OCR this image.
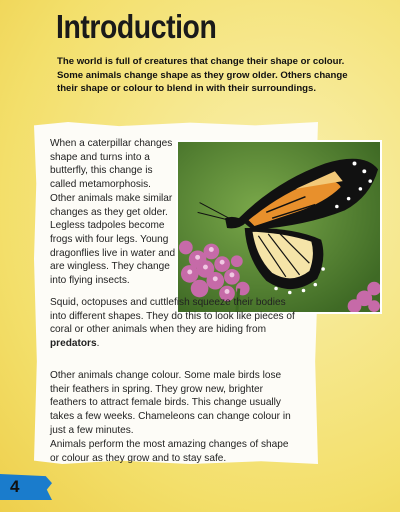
Introduction

The world is full of creatures that change their shape or colour. Some animals change shape as they grow older. Others change their shape or colour to blend in with their surroundings.

When a caterpillar changes shape and turns into a butterfly, this change is called metamorphosis. Other animals make similar changes as they get older. Legless tadpoles become frogs with four legs. Young dragonflies live in water and are wingless. They change into flying insects.

Squid, octopuses and cuttlefish squeeze their bodies into different shapes. They do this to look like pieces of coral or other animals when they are hiding from predators.

Other animals change colour. Some male birds lose their feathers in spring. They grow new, brighter feathers to attract female birds. This change usually takes a few weeks. Chameleons can change colour in just a few minutes.

Animals perform the most amazing changes of shape or colour as they grow and to stay safe.

4
